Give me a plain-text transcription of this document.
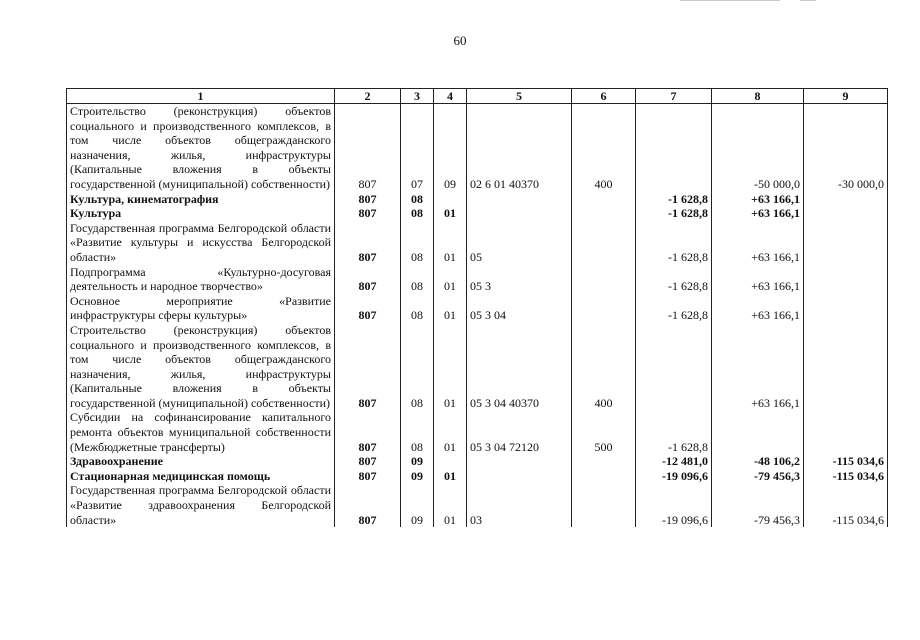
60
1	2	3	4	5	6	7	8	9
Строительство (реконструкция) объектов социального и производственного комплексов, в том числе объектов общегражданского назначения, жилья, инфраструктуры (Капитальные вложения в объекты государственной (муниципальной) собственности)	807	07	09	02 6 01 40370	400		-50 000,0	-30 000,0
Культура, кинематография	807	08				-1 628,8	+63 166,1	
Культура	807	08	01			-1 628,8	+63 166,1	
Государственная программа Белгородской области «Развитие культуры и искусства Белгородской области»	807	08	01	05		-1 628,8	+63 166,1	
Подпрограмма «Культурно-досуговая деятельность и народное творчество»	807	08	01	05 3		-1 628,8	+63 166,1	
Основное мероприятие «Развитие инфраструктуры сферы культуры»	807	08	01	05 3 04		-1 628,8	+63 166,1	
Строительство (реконструкция) объектов социального и производственного комплексов, в том числе объектов общегражданского назначения, жилья, инфраструктуры (Капитальные вложения в объекты государственной (муниципальной) собственности)	807	08	01	05 3 04 40370	400		+63 166,1	
Субсидии на софинансирование капитального ремонта объектов муниципальной собственности (Межбюджетные трансферты)	807	08	01	05 3 04 72120	500	-1 628,8		
Здравоохранение	807	09				-12 481,0	-48 106,2	-115 034,6
Стационарная медицинская помощь	807	09	01			-19 096,6	-79 456,3	-115 034,6
Государственная программа Белгородской области «Развитие здравоохранения Белгородской области»	807	09	01	03		-19 096,6	-79 456,3	-115 034,6
